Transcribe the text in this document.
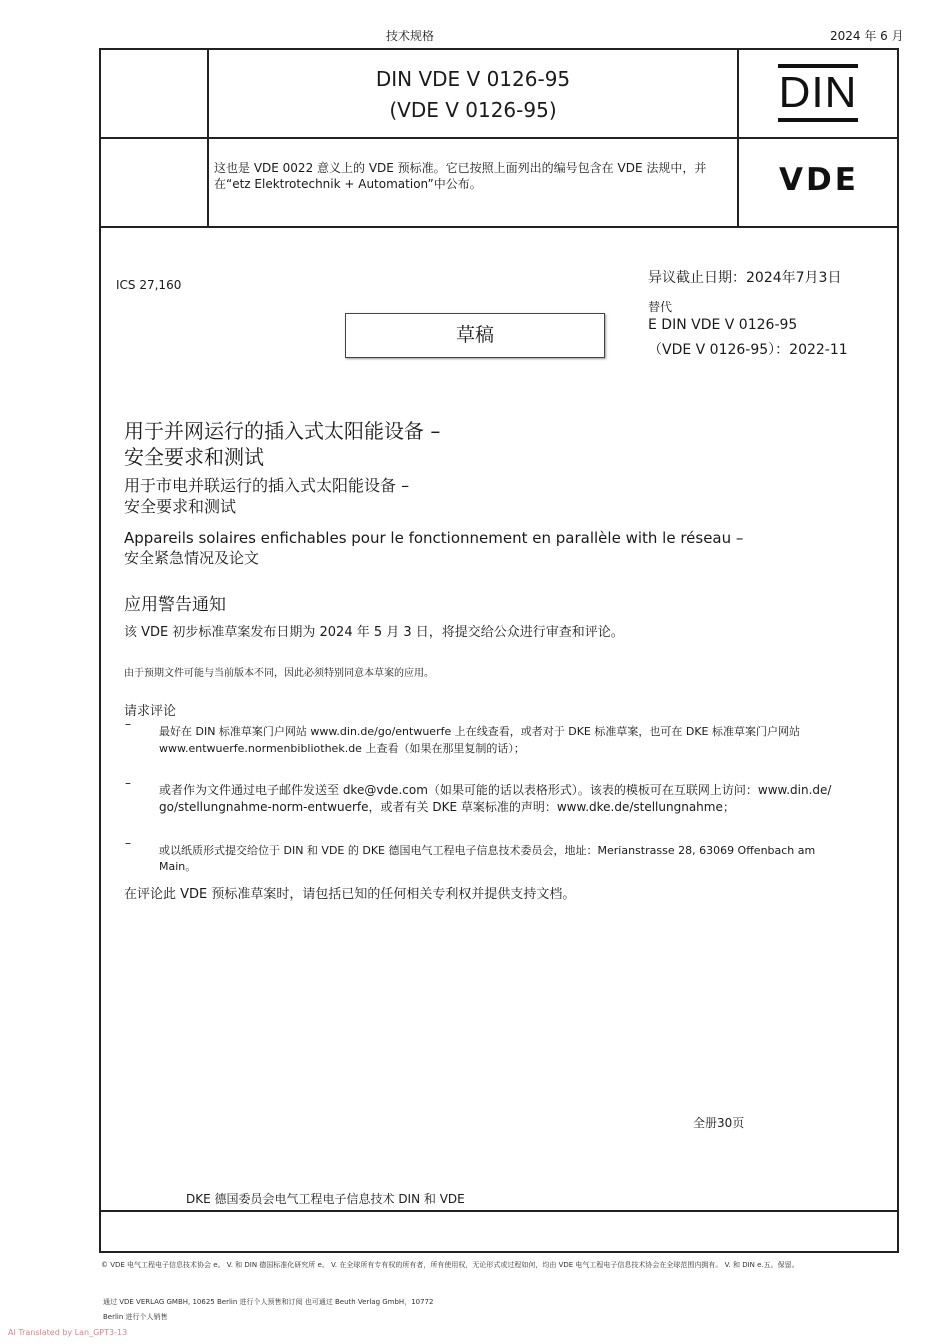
技术规格	2024 年 6 月
DIN VDE V 0126-95
(VDE V 0126-95)	DIN
这也是 VDE 0022 意义上的 VDE 预标准。它已按照上面列出的编号包含在 VDE 法规中，并在“etz Elektrotechnik + Automation”中公布。	VDE
ICS 27,160	异议截止日期：2024年7月3日
替代
E DIN VDE V 0126-95
（VDE V 0126-95）：2022-11
草稿
用于并网运行的插入式太阳能设备 –
安全要求和测试
用于市电并联运行的插入式太阳能设备 –
安全要求和测试
Appareils solaires enfichables pour le fonctionnement en parallèle with le réseau –
安全紧急情况及论文
应用警告通知
该 VDE 初步标准草案发布日期为 2024 年 5 月 3 日，将提交给公众进行审查和评论。
由于预期文件可能与当前版本不同，因此必须特别同意本草案的应用。
请求评论
–
最好在 DIN 标准草案门户网站 www.din.de/go/entwuerfe 上在线查看，或者对于 DKE 标准草案，也可在 DKE 标准草案门户网站
www.entwuerfe.normenbibliothek.de 上查看（如果在那里复制的话）；
– 或者作为文件通过电子邮件发送至 dke@vde.com（如果可能的话以表格形式）。该表的模板可在互联网上访问：www.din.de/
go/stellungnahme-norm-entwuerfe，或者有关 DKE 草案标准的声明：www.dke.de/stellungnahme；
–
或以纸质形式提交给位于 DIN 和 VDE 的 DKE 德国电气工程电子信息技术委员会，地址：Merianstrasse 28, 63069 Offenbach am
Main。
在评论此 VDE 预标准草案时，请包括已知的任何相关专利权并提供支持文档。
全册30页
DKE 德国委员会电气工程电子信息技术 DIN 和 VDE
© VDE 电气工程电子信息技术协会 e。 V. 和 DIN 德国标准化研究所 e。 V. 在全球所有专有权的所有者，所有使用权，无论形式或过程如何，均由 VDE 电气工程电子信息技术协会在全球范围内拥有。 V. 和 DIN e.五。保留。
通过 VDE VERLAG GMBH, 10625 Berlin 进行个人预售和订阅 也可通过 Beuth Verlag GmbH，10772
Berlin 进行个人销售
AI Translated by Lan_GPT3-13
